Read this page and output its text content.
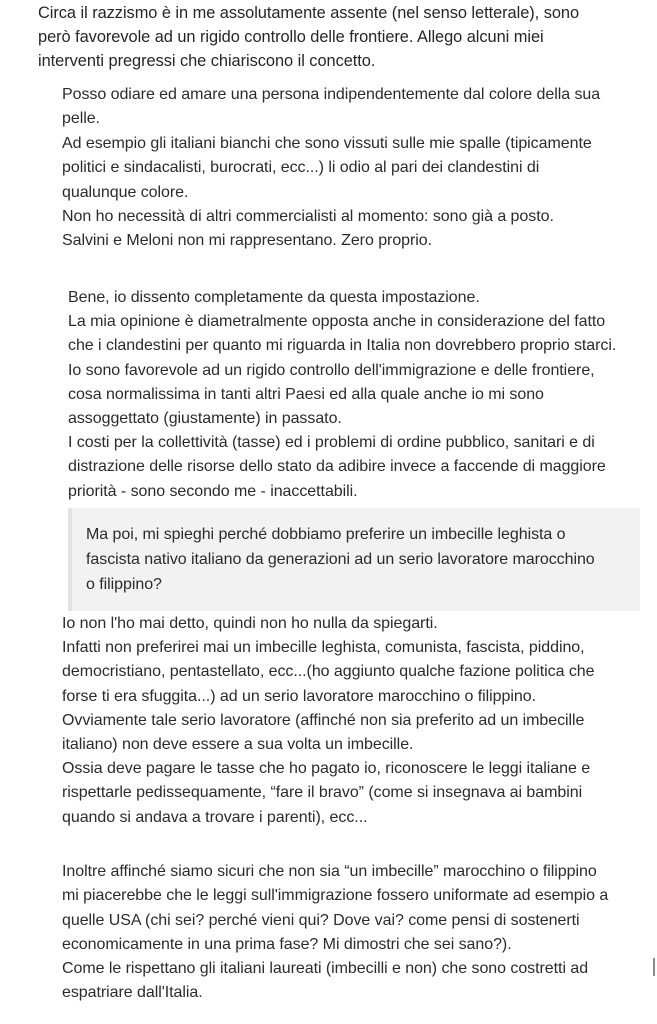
Circa il razzismo è in me assolutamente assente (nel senso letterale), sono
però favorevole ad un rigido controllo delle frontiere. Allego alcuni miei
interventi pregressi che chiariscono il concetto.

Posso odiare ed amare una persona indipendentemente dal colore della sua
pelle.
Ad esempio gli italiani bianchi che sono vissuti sulle mie spalle (tipicamente
politici e sindacalisti, burocrati, ecc...) li odio al pari dei clandestini di
qualunque colore.
Non ho necessità di altri commercialisti al momento: sono già a posto.
Salvini e Meloni non mi rappresentano. Zero proprio.

Bene, io dissento completamente da questa impostazione.
La mia opinione è diametralmente opposta anche in considerazione del fatto
che i clandestini per quanto mi riguarda in Italia non dovrebbero proprio starci.
Io sono favorevole ad un rigido controllo dell'immigrazione e delle frontiere,
cosa normalissima in tanti altri Paesi ed alla quale anche io mi sono
assoggettato (giustamente) in passato.
I costi per la collettività (tasse) ed i problemi di ordine pubblico, sanitari e di
distrazione delle risorse dello stato da adibire invece a faccende di maggiore
priorità - sono secondo me - inaccettabili.

Ma poi, mi spieghi perché dobbiamo preferire un imbecille leghista o
fascista nativo italiano da generazioni ad un serio lavoratore marocchino
o filippino?

Io non l'ho mai detto, quindi non ho nulla da spiegarti.
Infatti non preferirei mai un imbecille leghista, comunista, fascista, piddino,
democristiano, pentastellato, ecc...(ho aggiunto qualche fazione politica che
forse ti era sfuggita...) ad un serio lavoratore marocchino o filippino.
Ovviamente tale serio lavoratore (affinché non sia preferito ad un imbecille
italiano) non deve essere a sua volta un imbecille.
Ossia deve pagare le tasse che ho pagato io, riconoscere le leggi italiane e
rispettarle pedissequamente, “fare il bravo” (come si insegnava ai bambini
quando si andava a trovare i parenti), ecc...

Inoltre affinché siamo sicuri che non sia “un imbecille” marocchino o filippino
mi piacerebbe che le leggi sull'immigrazione fossero uniformate ad esempio a
quelle USA (chi sei? perché vieni qui? Dove vai? come pensi di sostenerti
economicamente in una prima fase? Mi dimostri che sei sano?).
Come le rispettano gli italiani laureati (imbecilli e non) che sono costretti ad
espatriare dall'Italia.
